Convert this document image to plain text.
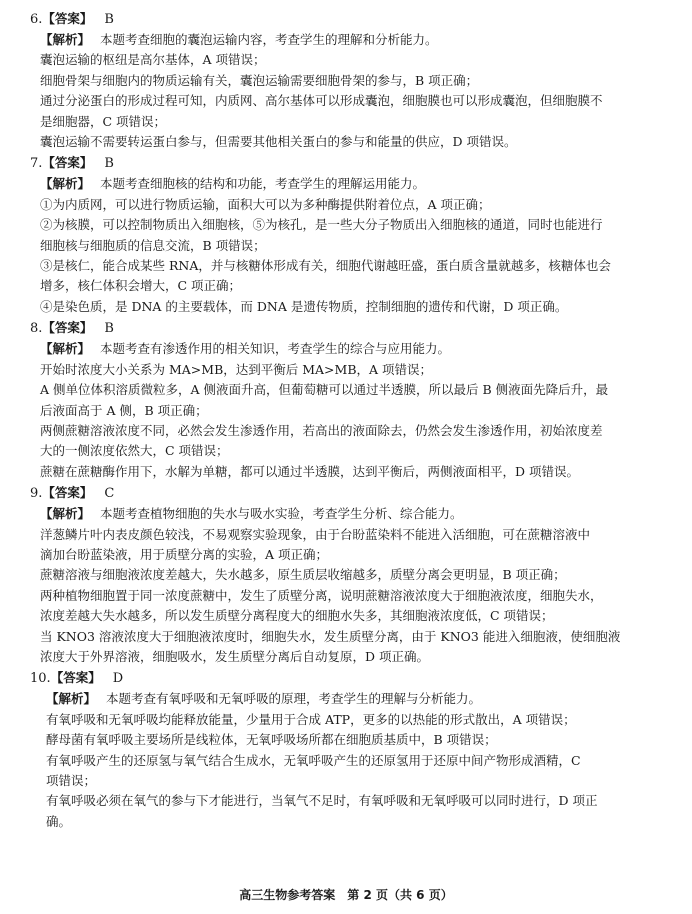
6.【答案】 B
【解析】 本题考查细胞的囊泡运输内容，考查学生的理解和分析能力。
囊泡运输的枢纽是高尔基体，A 项错误；
细胞骨架与细胞内的物质运输有关，囊泡运输需要细胞骨架的参与，B 项正确；
通过分泌蛋白的形成过程可知，内质网、高尔基体可以形成囊泡，细胞膜也可以形成囊泡，但细胞膜不
是细胞器，C 项错误；
囊泡运输不需要转运蛋白参与，但需要其他相关蛋白的参与和能量的供应，D 项错误。
7.【答案】 B
【解析】 本题考查细胞核的结构和功能，考查学生的理解运用能力。
①为内质网，可以进行物质运输，面积大可以为多种酶提供附着位点，A 项正确；
②为核膜，可以控制物质出入细胞核，⑤为核孔，是一些大分子物质出入细胞核的通道，同时也能进行
细胞核与细胞质的信息交流，B 项错误；
③是核仁，能合成某些 RNA，并与核糖体形成有关，细胞代谢越旺盛，蛋白质含量就越多，核糖体也会
增多，核仁体积会增大，C 项正确；
④是染色质，是 DNA 的主要载体，而 DNA 是遗传物质，控制细胞的遗传和代谢，D 项正确。
8.【答案】 B
【解析】 本题考查有渗透作用的相关知识，考查学生的综合与应用能力。
开始时浓度大小关系为 MA>MB，达到平衡后 MA>MB，A 项错误；
A 侧单位体积溶质微粒多，A 侧液面升高，但葡萄糖可以通过半透膜，所以最后 B 侧液面先降后升，最
后液面高于 A 侧，B 项正确；
两侧蔗糖溶液浓度不同，必然会发生渗透作用，若高出的液面除去，仍然会发生渗透作用，初始浓度差
大的一侧浓度依然大，C 项错误；
蔗糖在蔗糖酶作用下，水解为单糖，都可以通过半透膜，达到平衡后，两侧液面相平，D 项错误。
9.【答案】 C
【解析】 本题考查植物细胞的失水与吸水实验，考查学生分析、综合能力。
洋葱鳞片叶内表皮颜色较浅，不易观察实验现象，由于台盼蓝染料不能进入活细胞，可在蔗糖溶液中
滴加台盼蓝染液，用于质壁分离的实验，A 项正确；
蔗糖溶液与细胞液浓度差越大，失水越多，原生质层收缩越多，质壁分离会更明显，B 项正确；
两种植物细胞置于同一浓度蔗糖中，发生了质壁分离，说明蔗糖溶液浓度大于细胞液浓度，细胞失水，
浓度差越大失水越多，所以发生质壁分离程度大的细胞水失多，其细胞液浓度低，C 项错误；
当 KNO3 溶液浓度大于细胞液浓度时，细胞失水，发生质壁分离，由于 KNO3 能进入细胞液，使细胞液
浓度大于外界溶液，细胞吸水，发生质壁分离后自动复原，D 项正确。
10.【答案】 D
【解析】 本题考查有氧呼吸和无氧呼吸的原理，考查学生的理解与分析能力。
有氧呼吸和无氧呼吸均能释放能量，少量用于合成 ATP，更多的以热能的形式散出，A 项错误；
酵母菌有氧呼吸主要场所是线粒体，无氧呼吸场所都在细胞质基质中，B 项错误；
有氧呼吸产生的还原氢与氧气结合生成水，无氧呼吸产生的还原氢用于还原中间产物形成酒精，C
项错误；
有氧呼吸必须在氧气的参与下才能进行，当氧气不足时，有氧呼吸和无氧呼吸可以同时进行，D 项正
确。
高三生物参考答案　第 2 页（共 6 页）
